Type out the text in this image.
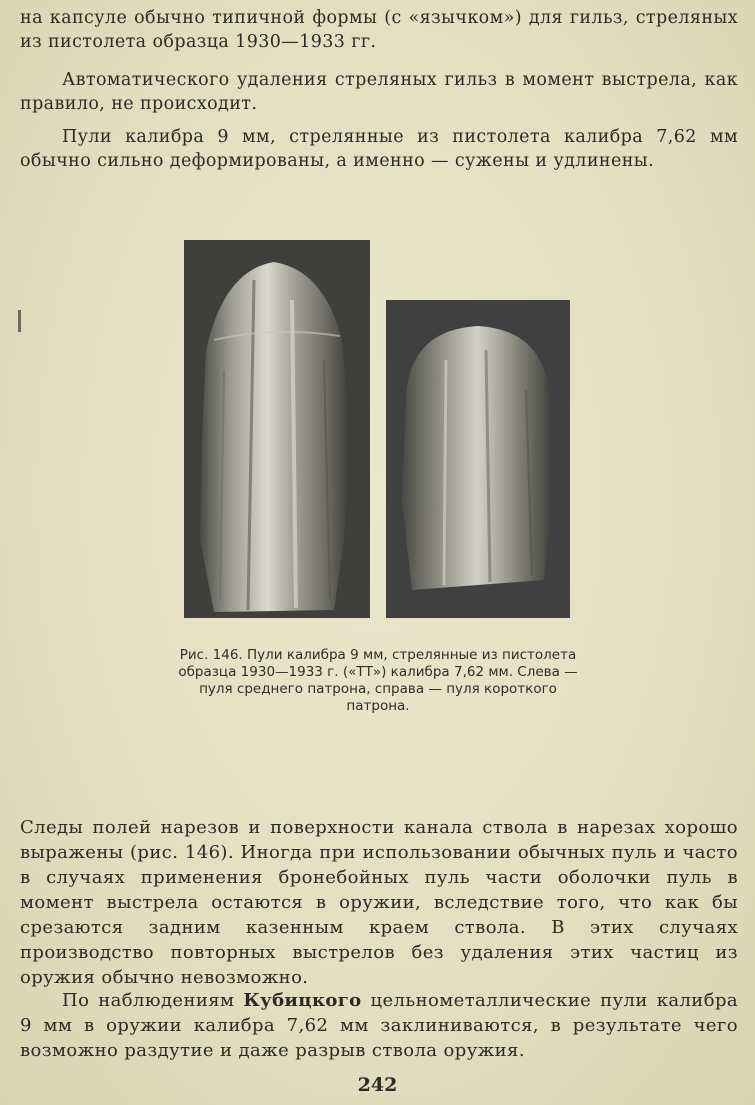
на капсуле обычно типичной формы (с «язычком») для гильз, стреляных из пистолета образца 1930—1933 гг.

Автоматического удаления стреляных гильз в момент выстрела, как правило, не происходит.

Пули калибра 9 мм, стрелянные из пистолета калибра 7,62 мм обычно сильно деформированы, а именно — сужены и удлинены.

Рис. 146. Пули калибра 9 мм, стрелянные из пистолета образца 1930—1933 г. («ТТ») калибра 7,62 мм. Слева — пуля среднего патрона, справа — пуля короткого патрона.

Следы полей нарезов и поверхности канала ствола в нарезах хорошо выражены (рис. 146). Иногда при использовании обычных пуль и часто в случаях применения бронебойных пуль части оболочки пуль в момент выстрела остаются в оружии, вследствие того, что как бы срезаются задним казенным краем ствола. В этих случаях производство повторных выстрелов без удаления этих частиц из оружия обычно невозможно.

По наблюдениям Кубицкого цельнометаллические пули калибра 9 мм в оружии калибра 7,62 мм заклиниваются, в результате чего возможно раздутие и даже разрыв ствола оружия.

242
